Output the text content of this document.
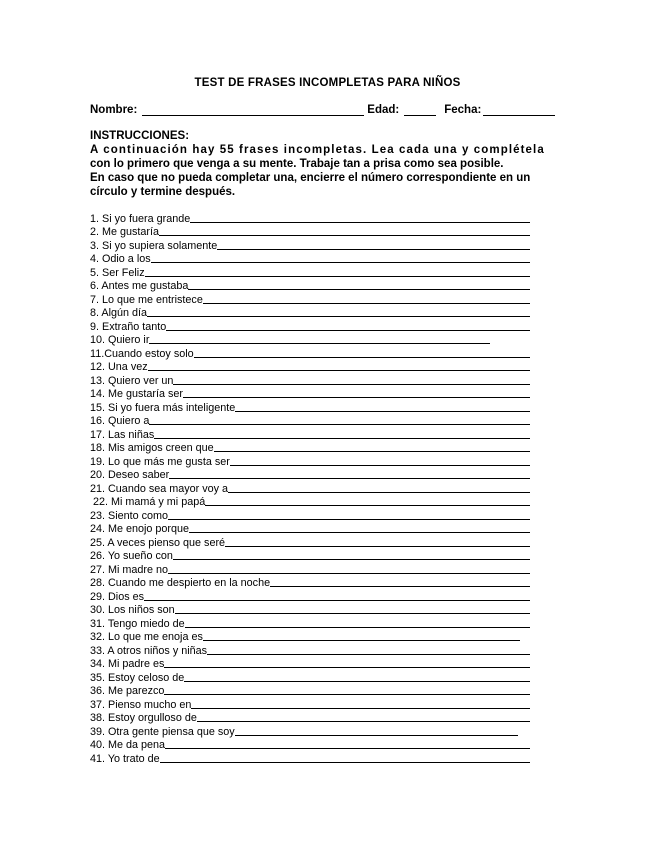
TEST DE FRASES INCOMPLETAS PARA NIÑOS
Nombre:	Edad:	Fecha:
INSTRUCCIONES:
A continuación hay 55 frases incompletas. Lea cada una y complétela
con lo primero que venga a su mente. Trabaje tan a prisa como sea posible.
En caso que no pueda completar una, encierre el número correspondiente en un
círculo y termine después.
1. Si yo fuera grande
2. Me gustaría
3. Si yo supiera solamente
4. Odio a los
5. Ser Feliz
6. Antes me gustaba
7. Lo que me entristece
8. Algún día
9. Extraño tanto
10. Quiero ir
11.Cuando estoy solo
12. Una vez
13. Quiero ver un
14. Me gustaría ser
15. Si yo fuera más inteligente
16. Quiero a
17. Las niñas
18. Mis amigos creen que
19. Lo que más me gusta ser
20. Deseo saber
21. Cuando sea mayor voy a
22. Mi mamá y mi papá
23. Siento como
24. Me enojo porque
25. A veces pienso que seré
26. Yo sueño con
27. Mi madre no
28. Cuando me despierto en la noche
29. Dios es
30. Los niños son
31. Tengo miedo de
32. Lo que me enoja es
33. A otros niños y niñas
34. Mi padre es
35. Estoy celoso de
36. Me parezco
37. Pienso mucho en
38. Estoy orgulloso de
39. Otra gente piensa que soy
40. Me da pena
41. Yo trato de
